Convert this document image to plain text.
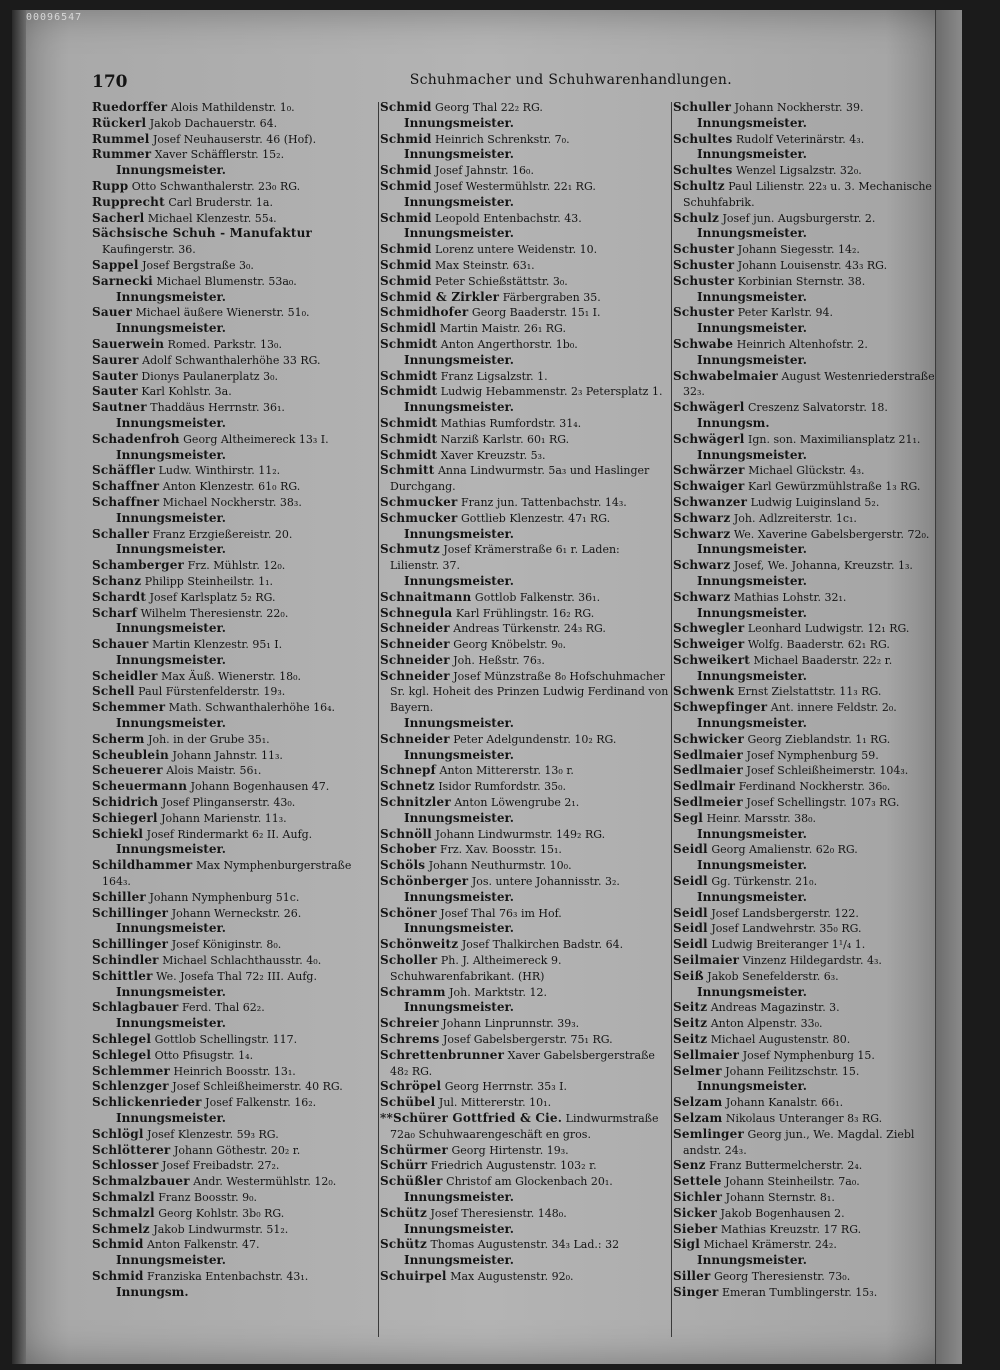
00096547
170	Schuhmacher und Schuhwarenhandlungen.
Ruedorffer Alois Mathildenstr. 1₀.
Rückerl Jakob Dachauerstr. 64.
Rummel Josef Neuhauserstr. 46 (Hof).
Rummer Xaver Schäfflerstr. 15₂.
Innungsmeister.
Rupp Otto Schwanthalerstr. 23₀ RG.
Rupprecht Carl Bruderstr. 1a.
Sacherl Michael Klenzestr. 55₄.
Sächsische Schuh - Manufaktur Kaufingerstr. 36.
Sappel Josef Bergstraße 3₀.
Sarnecki Michael Blumenstr. 53a₀.
Innungsmeister.
Sauer Michael äußere Wienerstr. 51₀.
Innungsmeister.
Sauerwein Romed. Parkstr. 13₀.
Saurer Adolf Schwanthalerhöhe 33 RG.
Sauter Dionys Paulanerplatz 3₀.
Sauter Karl Kohlstr. 3a.
Sautner Thaddäus Herrnstr. 36₁.
Innungsmeister.
Schadenfroh Georg Altheimereck 13₃ I.
Innungsmeister.
Schäffler Ludw. Winthirstr. 11₂.
Schaffner Anton Klenzestr. 61₀ RG.
Schaffner Michael Nockherstr. 38₃.
Innungsmeister.
Schaller Franz Erzgießereistr. 20.
Innungsmeister.
Schamberger Frz. Mühlstr. 12₀.
Schanz Philipp Steinheilstr. 1₁.
Schardt Josef Karlsplatz 5₂ RG.
Scharf Wilhelm Theresienstr. 22₀.
Innungsmeister.
Schauer Martin Klenzestr. 95₁ I.
Innungsmeister.
Scheidler Max Äuß. Wienerstr. 18₀.
Schell Paul Fürstenfelderstr. 19₃.
Schemmer Math. Schwanthalerhöhe 16₄.
Innungsmeister.
Scherm Joh. in der Grube 35₁.
Scheublein Johann Jahnstr. 11₃.
Scheuerer Alois Maistr. 56₁.
Scheuermann Johann Bogenhausen 47.
Schidrich Josef Plinganserstr. 43₀.
Schiegerl Johann Marienstr. 11₃.
Schiekl Josef Rindermarkt 6₂ II. Aufg.
Innungsmeister.
Schildhammer Max Nymphenburgerstraße 164₃.
Schiller Johann Nymphenburg 51c.
Schillinger Johann Werneckstr. 26.
Innungsmeister.
Schillinger Josef Königinstr. 8₀.
Schindler Michael Schlachthausstr. 4₀.
Schittler We. Josefa Thal 72₂ III. Aufg.
Innungsmeister.
Schlagbauer Ferd. Thal 62₂.
Innungsmeister.
Schlegel Gottlob Schellingstr. 117.
Schlegel Otto Pfisugstr. 1₄.
Schlemmer Heinrich Boosstr. 13₁.
Schlenzger Josef Schleißheimerstr. 40 RG.
Schlickenrieder Josef Falkenstr. 16₂.
Innungsmeister.
Schlögl Josef Klenzestr. 59₃ RG.
Schlötterer Johann Göthestr. 20₂ r.
Schlosser Josef Freibadstr. 27₂.
Schmalzbauer Andr. Westermühlstr. 12₀.
Schmalzl Franz Boosstr. 9₀.
Schmalzl Georg Kohlstr. 3b₀ RG.
Schmelz Jakob Lindwurmstr. 51₂.
Schmid Anton Falkenstr. 47.
Innungsmeister.
Schmid Franziska Entenbachstr. 43₁.
Innungsm.
Schmid Georg Thal 22₂ RG.
Innungsmeister.
Schmid Heinrich Schrenkstr. 7₀.
Innungsmeister.
Schmid Josef Jahnstr. 16₀.
Schmid Josef Westermühlstr. 22₁ RG.
Innungsmeister.
Schmid Leopold Entenbachstr. 43.
Innungsmeister.
Schmid Lorenz untere Weidenstr. 10.
Schmid Max Steinstr. 63₁.
Schmid Peter Schießstättstr. 3₀.
Schmid & Zirkler Färbergraben 35.
Schmidhofer Georg Baaderstr. 15₁ I.
Schmidl Martin Maistr. 26₁ RG.
Schmidt Anton Angerthorstr. 1b₀.
Innungsmeister.
Schmidt Franz Ligsalzstr. 1.
Schmidt Ludwig Hebammenstr. 2₃ Petersplatz 1.
Innungsmeister.
Schmidt Mathias Rumfordstr. 31₄.
Schmidt Narziß Karlstr. 60₁ RG.
Schmidt Xaver Kreuzstr. 5₃.
Schmitt Anna Lindwurmstr. 5a₃ und Haslinger Durchgang.
Schmucker Franz jun. Tattenbachstr. 14₃.
Schmucker Gottlieb Klenzestr. 47₁ RG.
Innungsmeister.
Schmutz Josef Krämerstraße 6₁ r. Laden: Lilienstr. 37.
Innungsmeister.
Schnaitmann Gottlob Falkenstr. 36₁.
Schnegula Karl Frühlingstr. 16₂ RG.
Schneider Andreas Türkenstr. 24₃ RG.
Schneider Georg Knöbelstr. 9₀.
Schneider Joh. Heßstr. 76₃.
Schneider Josef Münzstraße 8₀ Hofschuhmacher Sr. kgl. Hoheit des Prinzen Ludwig Ferdinand von Bayern.
Innungsmeister.
Schneider Peter Adelgundenstr. 10₂ RG.
Innungsmeister.
Schnepf Anton Mittererstr. 13₀ r.
Schnetz Isidor Rumfordstr. 35₀.
Schnitzler Anton Löwengrube 2₁.
Innungsmeister.
Schnöll Johann Lindwurmstr. 149₂ RG.
Schober Frz. Xav. Boosstr. 15₁.
Schöls Johann Neuthurmstr. 10₀.
Schönberger Jos. untere Johannisstr. 3₂.
Innungsmeister.
Schöner Josef Thal 76₃ im Hof.
Innungsmeister.
Schönweitz Josef Thalkirchen Badstr. 64.
Scholler Ph. J. Altheimereck 9. Schuhwarenfabrikant. (HR)
Schramm Joh. Marktstr. 12.
Innungsmeister.
Schreier Johann Linprunnstr. 39₃.
Schrems Josef Gabelsbergerstr. 75₁ RG.
Schrettenbrunner Xaver Gabelsbergerstraße 48₂ RG.
Schröpel Georg Herrnstr. 35₃ I.
Schübel Jul. Mittererstr. 10₁.
**Schürer Gottfried & Cie. Lindwurmstraße 72a₀ Schuhwaarengeschäft en gros.
Schürmer Georg Hirtenstr. 19₃.
Schürr Friedrich Augustenstr. 103₂ r.
Schüßler Christof am Glockenbach 20₁.
Innungsmeister.
Schütz Josef Theresienstr. 148₀.
Innungsmeister.
Schütz Thomas Augustenstr. 34₃ Lad.: 32
Innungsmeister.
Schuirpel Max Augustenstr. 92₀.
Schuller Johann Nockherstr. 39.
Innungsmeister.
Schultes Rudolf Veterinärstr. 4₃.
Innungsmeister.
Schultes Wenzel Ligsalzstr. 32₀.
Schultz Paul Lilienstr. 22₃ u. 3. Mechanische Schuhfabrik.
Schulz Josef jun. Augsburgerstr. 2.
Innungsmeister.
Schuster Johann Siegesstr. 14₂.
Schuster Johann Louisenstr. 43₃ RG.
Schuster Korbinian Sternstr. 38.
Innungsmeister.
Schuster Peter Karlstr. 94.
Innungsmeister.
Schwabe Heinrich Altenhofstr. 2.
Innungsmeister.
Schwabelmaier August Westenriederstraße 32₃.
Schwägerl Creszenz Salvatorstr. 18.
Innungsm.
Schwägerl Ign. son. Maximiliansplatz 21₁.
Innungsmeister.
Schwärzer Michael Glückstr. 4₃.
Schwaiger Karl Gewürzmühlstraße 1₃ RG.
Schwanzer Ludwig Luiginsland 5₂.
Schwarz Joh. Adlzreiterstr. 1c₁.
Schwarz We. Xaverine Gabelsbergerstr. 72₀.
Innungsmeister.
Schwarz Josef, We. Johanna, Kreuzstr. 1₃.
Innungsmeister.
Schwarz Mathias Lohstr. 32₁.
Innungsmeister.
Schwegler Leonhard Ludwigstr. 12₁ RG.
Schweiger Wolfg. Baaderstr. 62₁ RG.
Schweikert Michael Baaderstr. 22₂ r.
Innungsmeister.
Schwenk Ernst Zielstattstr. 11₃ RG.
Schwepfinger Ant. innere Feldstr. 2₀.
Innungsmeister.
Schwicker Georg Zieblandstr. 1₁ RG.
Sedlmaier Josef Nymphenburg 59.
Sedlmaier Josef Schleißheimerstr. 104₃.
Sedlmair Ferdinand Nockherstr. 36₀.
Sedlmeier Josef Schellingstr. 107₃ RG.
Segl Heinr. Marsstr. 38₀.
Innungsmeister.
Seidl Georg Amalienstr. 62₀ RG.
Innungsmeister.
Seidl Gg. Türkenstr. 21₀.
Innungsmeister.
Seidl Josef Landsbergerstr. 122.
Seidl Josef Landwehrstr. 35₀ RG.
Seidl Ludwig Breiteranger 1¹/₄ 1.
Seilmaier Vinzenz Hildegardstr. 4₃.
Seiß Jakob Senefelderstr. 6₃.
Innungsmeister.
Seitz Andreas Magazinstr. 3.
Seitz Anton Alpenstr. 33₀.
Seitz Michael Augustenstr. 80.
Sellmaier Josef Nymphenburg 15.
Selmer Johann Feilitzschstr. 15.
Innungsmeister.
Selzam Johann Kanalstr. 66₁.
Selzam Nikolaus Unteranger 8₃ RG.
Semlinger Georg jun., We. Magdal. Ziebl andstr. 24₃.
Senz Franz Buttermelcherstr. 2₄.
Settele Johann Steinheilstr. 7a₀.
Sichler Johann Sternstr. 8₁.
Sicker Jakob Bogenhausen 2.
Sieber Mathias Kreuzstr. 17 RG.
Sigl Michael Krämerstr. 24₂.
Innungsmeister.
Siller Georg Theresienstr. 73₀.
Singer Emeran Tumblingerstr. 15₃.
